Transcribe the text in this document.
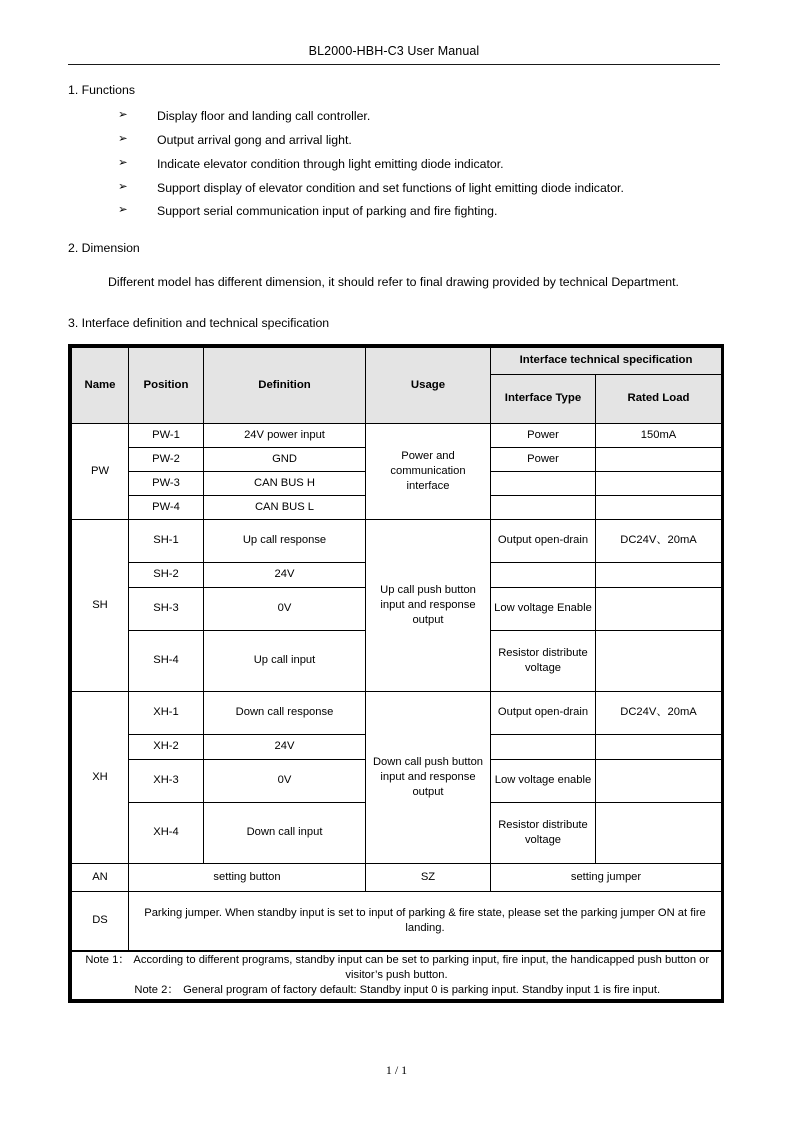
BL2000-HBH-C3 User Manual
1. Functions
➢	Display floor and landing call controller.
➢	Output arrival gong and arrival light.
➢	Indicate elevator condition through light emitting diode indicator.
➢	Support display of elevator condition and set functions of light emitting diode indicator.
➢	Support serial communication input of parking and fire fighting.
2. Dimension
Different model has different dimension, it should refer to final drawing provided by technical Department.
3. Interface definition and technical specification
Name	Position	Definition	Usage	Interface technical specification	
				Interface Type	Rated Load
PW	PW-1	24V power input	Power and communication interface	Power	150mA
	PW-2	GND		Power	
	PW-3	CAN BUS H			
	PW-4	CAN BUS L			
SH	SH-1	Up call response	Up call push button input and response output	Output open-drain	DC24V、20mA
	SH-2	24V			
	SH-3	0V		Low voltage Enable	
	SH-4	Up call input		Resistor distribute voltage	
XH	XH-1	Down call response	Down call push button input and response output	Output open-drain	DC24V、20mA
	XH-2	24V			
	XH-3	0V		Low voltage enable	
	XH-4	Down call input		Resistor distribute voltage	
AN	setting button		SZ	setting jumper	
DS	Parking jumper. When standby input is set to input of parking & fire state, please set the parking jumper ON at fire landing.				

Note 1： According to different programs, standby input can be set to parking input, fire input, the handicapped push button or visitor’s push button.
Note 2： General program of factory default: Standby input 0 is parking input. Standby input 1 is fire input.					
1 / 1
